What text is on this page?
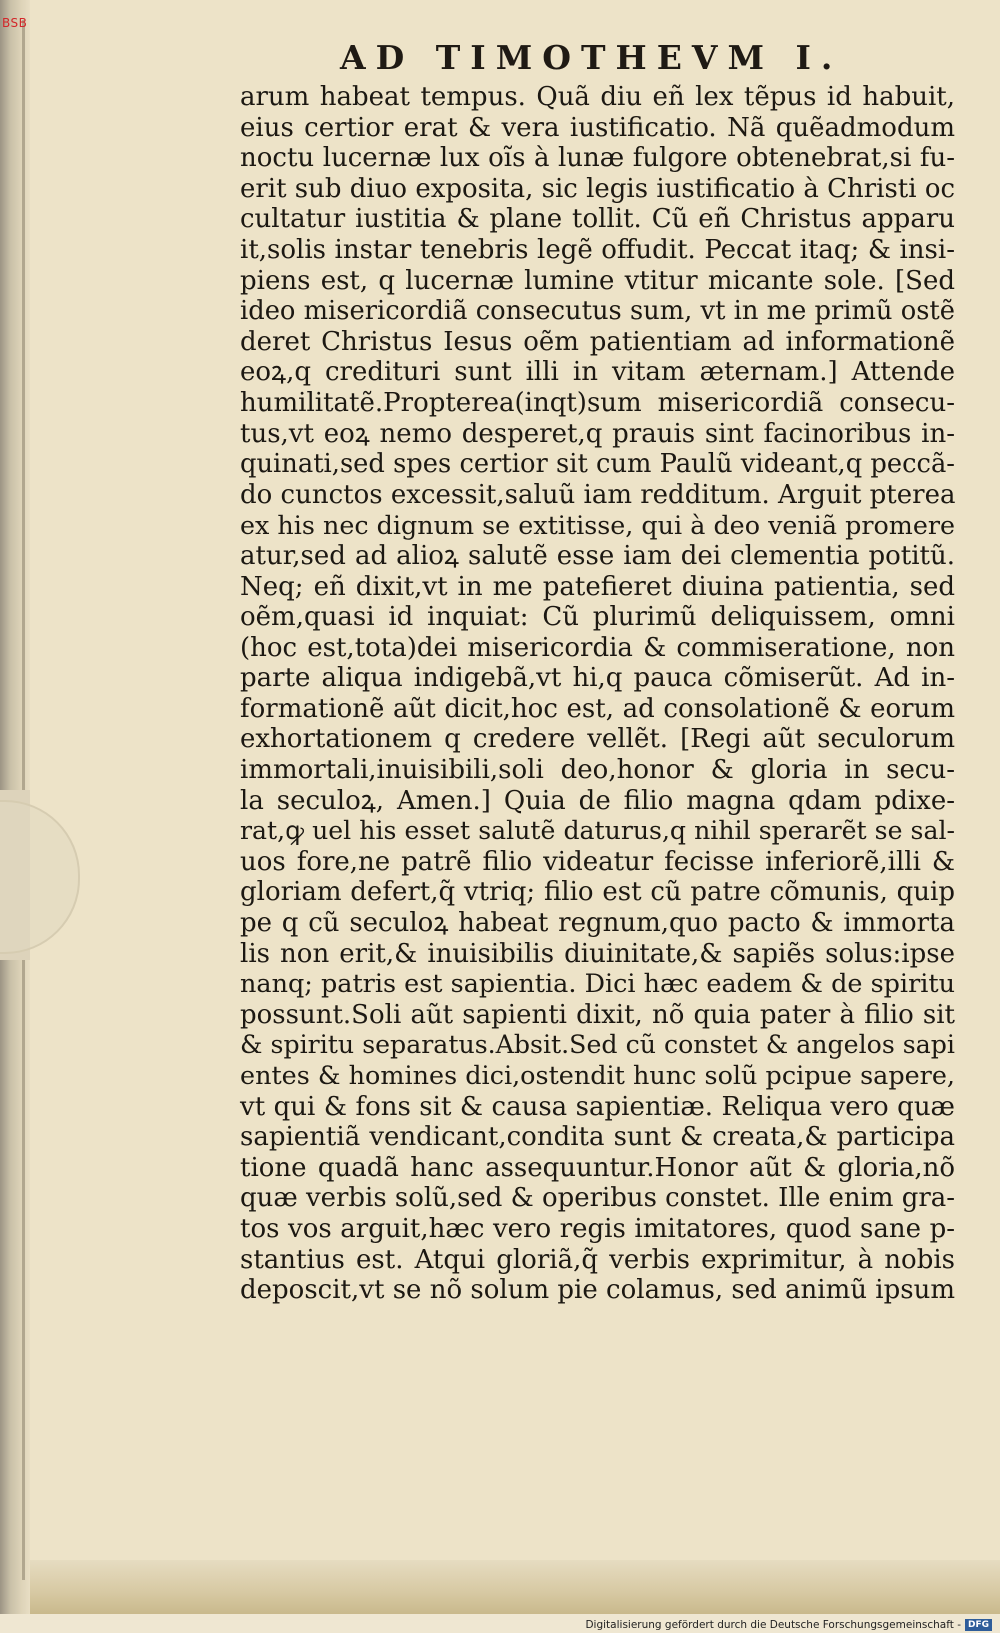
BSB
AD TIMOTHEVM I.
arum habeat tempus. Quã diu eñ lex tẽpus id habuit,
eius certior erat & vera iustificatio. Nã quẽadmodum
noctu lucernæ lux oĩs à lunæ fulgore obtenebrat,si fu-
erit sub diuo exposita, sic legis iustificatio à Christi oc
cultatur iustitia & plane tollit. Cũ eñ Christus apparu
it,solis instar tenebris legẽ offudit. Peccat itaq; & insi-
piens est, q lucernæ lumine vtitur micante sole. [Sed
ideo misericordiã consecutus sum, vt in me primũ ostẽ
deret Christus Iesus oẽm patientiam ad informationẽ
eoꝝ,q credituri sunt illi in vitam æternam.] Attende
humilitatẽ.Propterea(inqt)sum misericordiã consecu-
tus,vt eoꝝ nemo desperet,q prauis sint facinoribus in-
quinati,sed spes certior sit cum Paulũ videant,q peccã-
do cunctos excessit,saluũ iam redditum. Arguit pterea
ex his nec dignum se extitisse, qui à deo veniã promere
atur,sed ad alioꝝ salutẽ esse iam dei clementia potitũ.
Neq; eñ dixit,vt in me patefieret diuina patientia, sed
oẽm,quasi id inquiat: Cũ plurimũ deliquissem, omni
(hoc est,tota)dei misericordia & commiseratione, non
parte aliqua indigebã,vt hi,q pauca cõmiserũt. Ad in-
formationẽ aũt dicit,hoc est, ad consolationẽ & eorum
exhortationem q credere vellẽt. [Regi aũt seculorum
immortali,inuisibili,soli deo,honor & gloria in secu-
la seculoꝝ, Amen.] Quia de filio magna qdam pdixe-
rat,ꝙ uel his esset salutẽ daturus,q nihil sperarẽt se sal-
uos fore,ne patrẽ filio videatur fecisse inferiorẽ,illi &
gloriam defert,q̃ vtriq; filio est cũ patre cõmunis, quip
pe q cũ seculoꝝ habeat regnum,quo pacto & immorta
lis non erit,& inuisibilis diuinitate,& sapiẽs solus:ipse
nanq; patris est sapientia. Dici hæc eadem & de spiritu
possunt.Soli aũt sapienti dixit, nõ quia pater à filio sit
& spiritu separatus.Absit.Sed cũ constet & angelos sapi
entes & homines dici,ostendit hunc solũ pcipue sapere,
vt qui & fons sit & causa sapientiæ. Reliqua vero quæ
sapientiã vendicant,condita sunt & creata,& participa
tione quadã hanc assequuntur.Honor aũt & gloria,nõ
quæ verbis solũ,sed & operibus constet. Ille enim gra-
tos vos arguit,hæc vero regis imitatores, quod sane p-
stantius est. Atqui gloriã,q̃ verbis exprimitur, à nobis
deposcit,vt se nõ solum pie colamus, sed animũ ipsum
Digitalisierung gefördert durch die Deutsche Forschungsgemeinschaft - DFG
